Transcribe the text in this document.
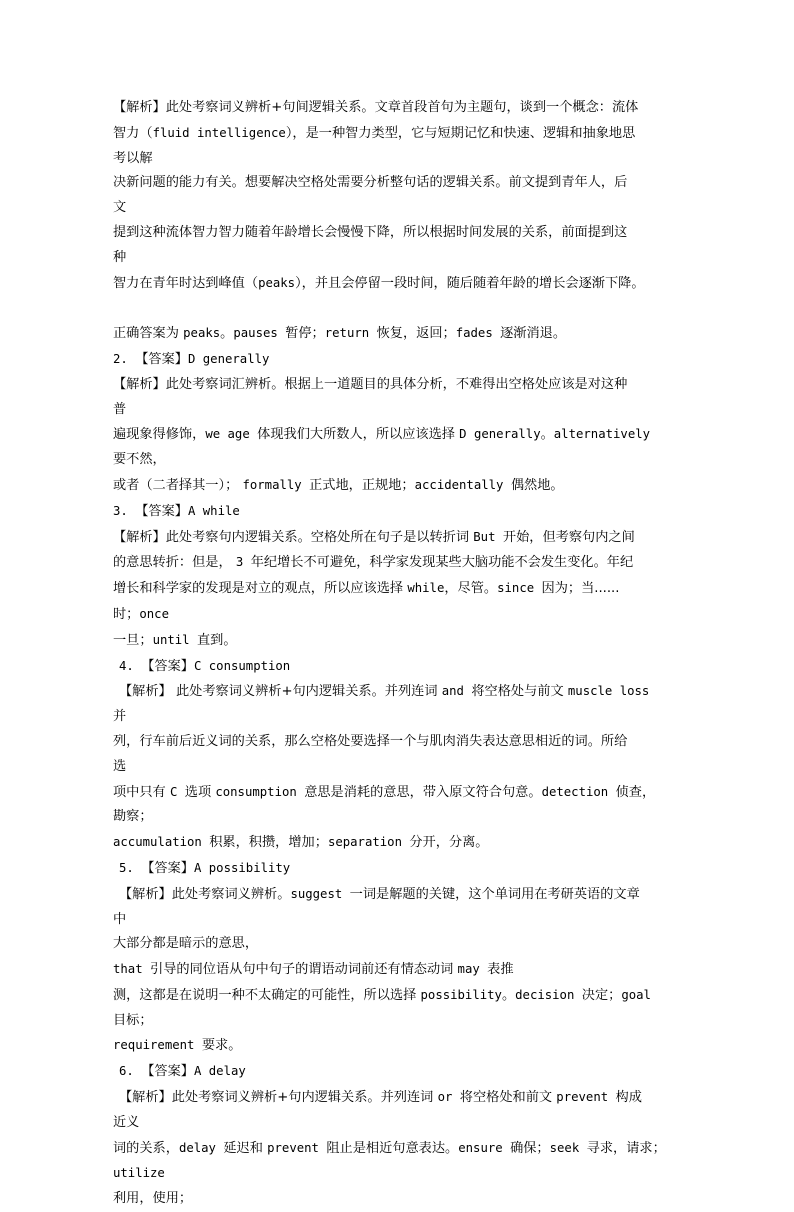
【解析】此处考察词义辨析+句间逻辑关系。文章首段首句为主题句，谈到一个概念：流体
智力（fluid intelligence），是一种智力类型，它与短期记忆和快速、逻辑和抽象地思
考以解
决新问题的能力有关。想要解决空格处需要分析整句话的逻辑关系。前文提到青年人，后
文
提到这种流体智力智力随着年龄增长会慢慢下降，所以根据时间发展的关系，前面提到这
种
智力在青年时达到峰值（peaks），并且会停留一段时间，随后随着年龄的增长会逐渐下降。
正确答案为 peaks。pauses 暂停；return 恢复，返回；fades 逐渐消退。
2. 【答案】D generally
【解析】此处考察词汇辨析。根据上一道题目的具体分析，不难得出空格处应该是对这种
普
遍现象得修饰，we age 体现我们大所数人，所以应该选择 D generally。alternatively
要不然，
或者（二者择其一）； formally 正式地，正规地；accidentally 偶然地。
3. 【答案】A while
【解析】此处考察句内逻辑关系。空格处所在句子是以转折词 But 开始，但考察句内之间
的意思转折：但是， 3 年纪增长不可避免，科学家发现某些大脑功能不会发生变化。年纪
增长和科学家的发现是对立的观点，所以应该选择 while，尽管。since 因为；当......
时；once
一旦；until 直到。
4. 【答案】C consumption
【解析】 此处考察词义辨析+句内逻辑关系。并列连词 and 将空格处与前文 muscle loss
并
列，行车前后近义词的关系，那么空格处要选择一个与肌肉消失表达意思相近的词。所给
选
项中只有 C 选项 consumption 意思是消耗的意思，带入原文符合句意。detection 侦查，
勘察；
accumulation 积累，积攒，增加；separation 分开，分离。
5. 【答案】A possibility
【解析】此处考察词义辨析。suggest 一词是解题的关键，这个单词用在考研英语的文章
中
大部分都是暗示的意思，
that 引导的同位语从句中句子的谓语动词前还有情态动词 may 表推
测，这都是在说明一种不太确定的可能性，所以选择 possibility。decision 决定；goal
目标；
requirement 要求。
6. 【答案】A delay
【解析】此处考察词义辨析+句内逻辑关系。并列连词 or 将空格处和前文 prevent 构成
近义
词的关系，delay 延迟和 prevent 阻止是相近句意表达。ensure 确保；seek 寻求，请求；
utilize
利用，使用；
